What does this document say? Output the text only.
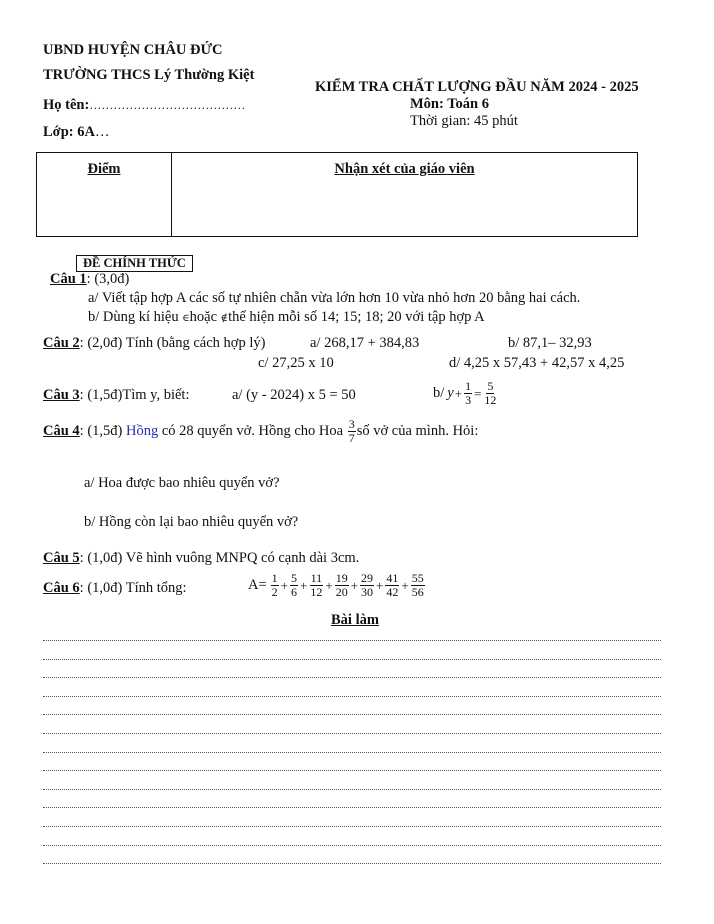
UBND HUYỆN CHÂU ĐỨC
TRƯỜNG THCS Lý Thường Kiệt
Họ tên:…………………………………
Lớp: 6A…
KIỂM TRA CHẤT LƯỢNG ĐẦU NĂM 2024 - 2025
Môn: Toán 6
Thời gian: 45 phút
Điểm	Nhận xét của giáo viên
ĐỀ CHÍNH THỨC
Câu 1: (3,0đ)
a/ Viết tập hợp A các số tự nhiên chẵn vừa lớn hơn 10 vừa nhỏ hơn 20 bằng hai cách.
b/ Dùng kí hiệu ∈hoặc ∉thể hiện mỗi số 14; 15; 18; 20 với tập hợp A
Câu 2: (2,0đ) Tính (bằng cách hợp lý)	a/ 268,17 + 384,83	b/ 87,1– 32,93
c/ 27,25 x 10	d/ 4,25 x 57,43 + 42,57 x 4,25
Câu 3: (1,5đ)Tìm y, biết:	a/ (y - 2024) x 5 = 50	b/ $y + \frac{1}{3} = \frac{5}{12}$
Câu 4 : (1,5đ) Hồng có 28 quyển vở. Hồng cho Hoa $\frac{3}{7}$ số vở của mình. Hỏi:
a/ Hoa được bao nhiêu quyển vở?
b/ Hồng còn lại bao nhiêu quyển vở?
Câu 5: (1,0đ) Vẽ hình vuông MNPQ có cạnh dài 3cm.
Câu 6: (1,0đ) Tính tổng:	$A= \frac{1}{2} + \frac{5}{6} + \frac{11}{12} + \frac{19}{20} + \frac{29}{30} + \frac{41}{42} + \frac{55}{56}$
Bài làm
